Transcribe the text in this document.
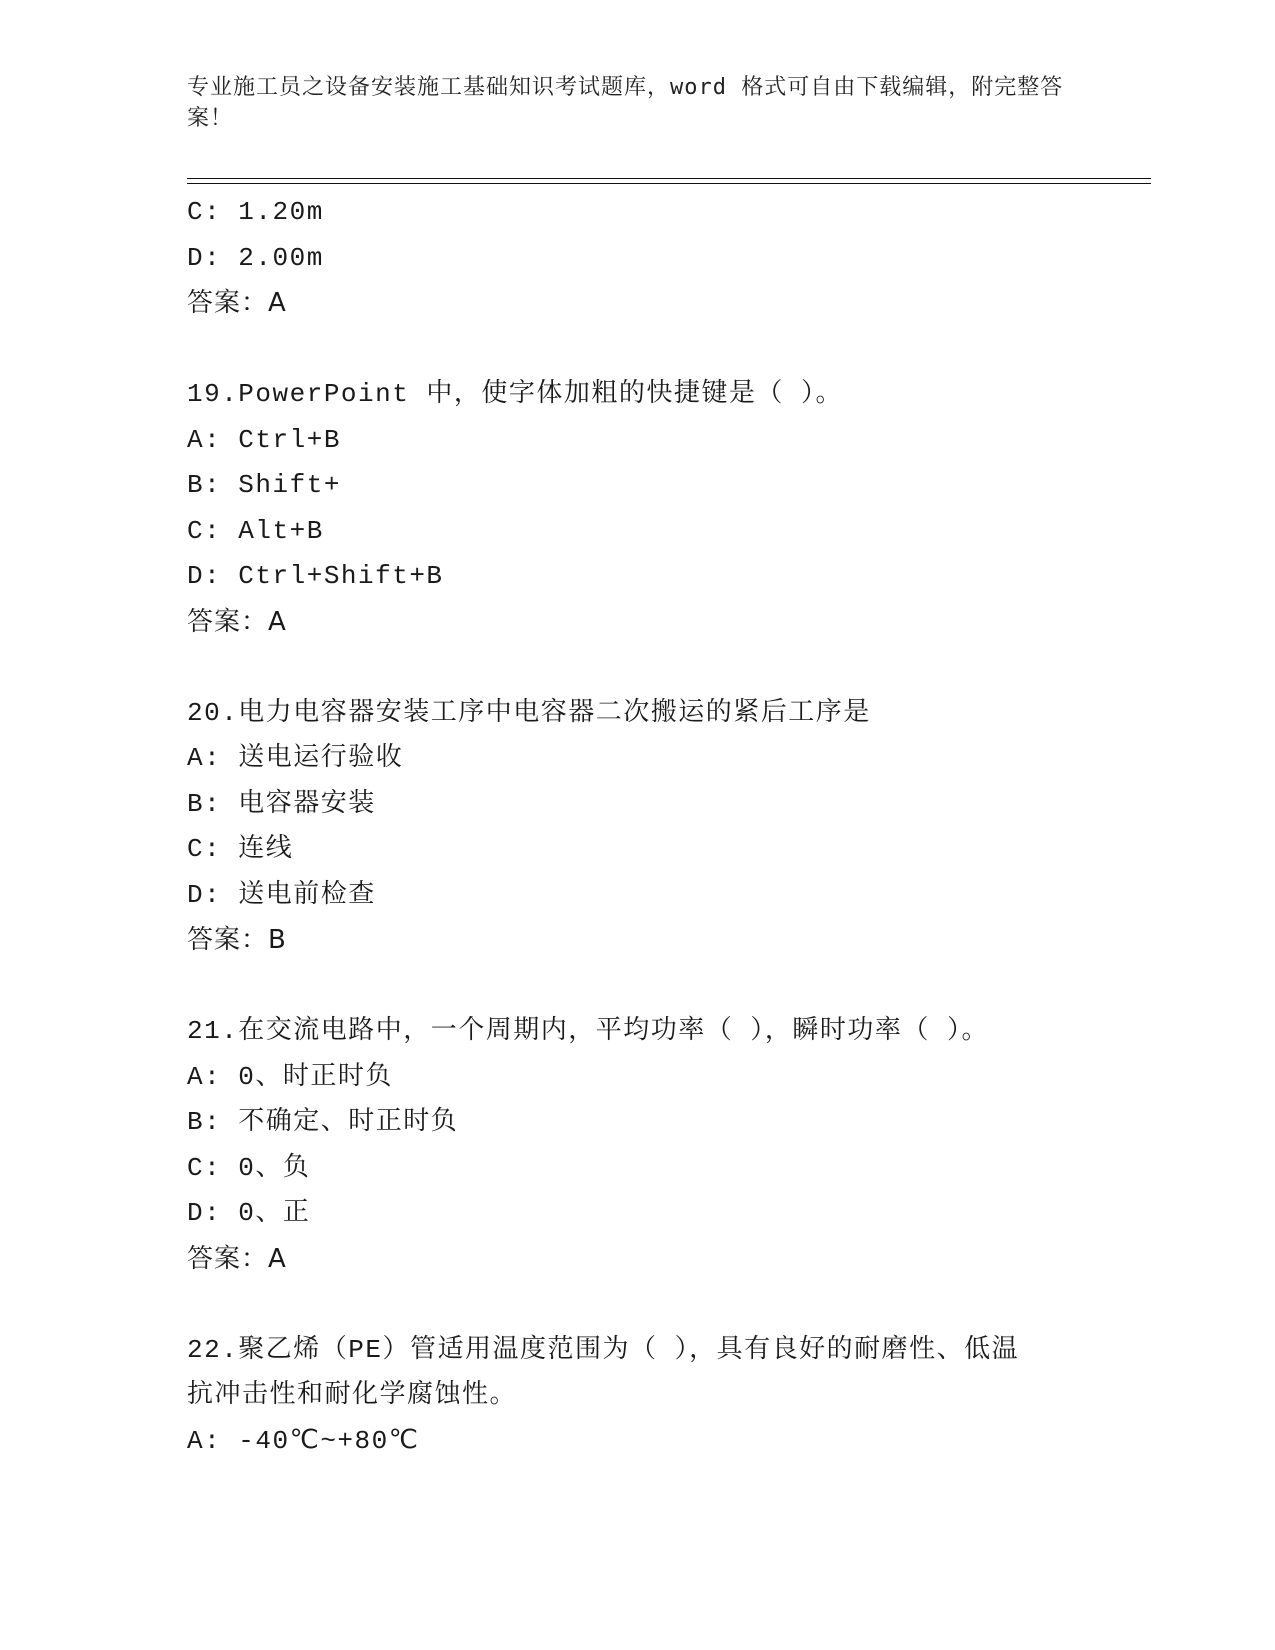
专业施工员之设备安装施工基础知识考试题库，word 格式可自由下载编辑，附完整答案！
C: 1.20m
D: 2.00m
答案：A
19.PowerPoint 中，使字体加粗的快捷键是（ ）。
A: Ctrl+B
B: Shift+
C: Alt+B
D: Ctrl+Shift+B
答案：A
20.电力电容器安装工序中电容器二次搬运的紧后工序是
A: 送电运行验收
B: 电容器安装
C: 连线
D: 送电前检查
答案：B
21.在交流电路中，一个周期内，平均功率（ ），瞬时功率（ ）。
A: 0、时正时负
B: 不确定、时正时负
C: 0、负
D: 0、正
答案：A
22.聚乙烯（PE）管适用温度范围为（ ），具有良好的耐磨性、低温
抗冲击性和耐化学腐蚀性。
A: -40℃~+80℃
